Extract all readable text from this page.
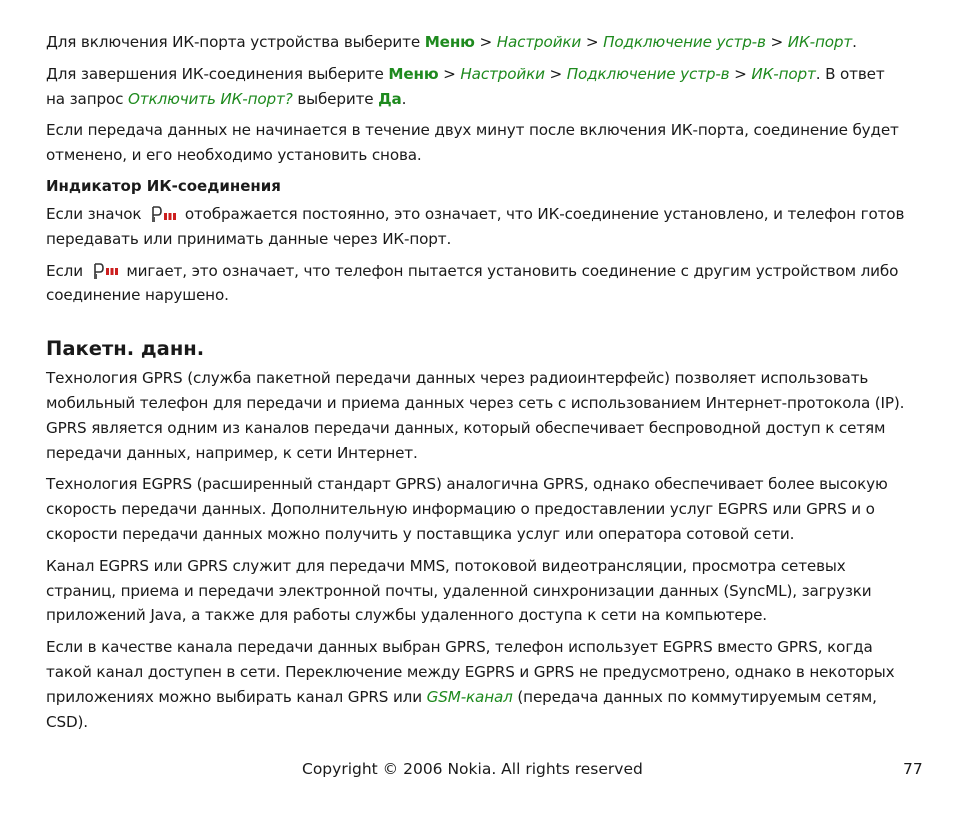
Для включения ИК-порта устройства выберите Меню > Настройки > Подключение устр-в > ИК-порт.

Для завершения ИК-соединения выберите Меню > Настройки > Подключение устр-в > ИК-порт. В ответ на запрос Отключить ИК-порт? выберите Да.

Если передача данных не начинается в течение двух минут после включения ИК-порта, соединение будет отменено, и его необходимо установить снова.

Индикатор ИК-соединения

Если значок	отображается постоянно, это означает, что ИК-соединение установлено, и телефон готов передавать или принимать данные через ИК-порт.

Если	мигает, это означает, что телефон пытается установить соединение с другим устройством либо соединение нарушено.

Пакетн. данн.

Технология GPRS (служба пакетной передачи данных через радиоинтерфейс) позволяет использовать мобильный телефон для передачи и приема данных через сеть с использованием Интернет-протокола (IP). GPRS является одним из каналов передачи данных, который обеспечивает беспроводной доступ к сетям передачи данных, например, к сети Интернет.

Технология EGPRS (расширенный стандарт GPRS) аналогична GPRS, однако обеспечивает более высокую скорость передачи данных. Дополнительную информацию о предоставлении услуг EGPRS или GPRS и о скорости передачи данных можно получить у поставщика услуг или оператора сотовой сети.

Канал EGPRS или GPRS служит для передачи MMS, потоковой видеотрансляции, просмотра сетевых страниц, приема и передачи электронной почты, удаленной синхронизации данных (SyncML), загрузки приложений Java, а также для работы службы удаленного доступа к сети на компьютере.

Если в качестве канала передачи данных выбран GPRS, телефон использует EGPRS вместо GPRS, когда такой канал доступен в сети. Переключение между EGPRS и GPRS не предусмотрено, однако в некоторых приложениях можно выбирать канал GPRS или GSM-канал (передача данных по коммутируемым сетям, CSD).

Copyright © 2006 Nokia. All rights reserved	77
